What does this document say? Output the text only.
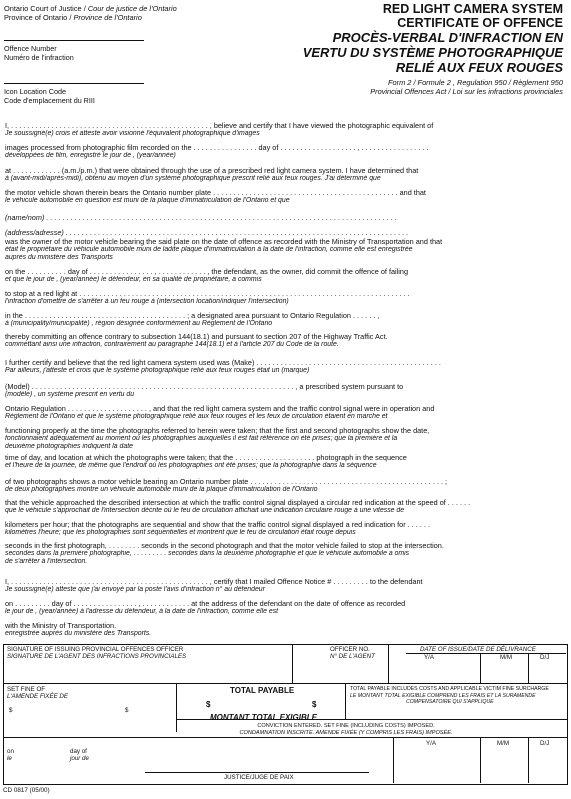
Ontario Court of Justice / Cour de justice de l'Ontario
Province of Ontario / Province de l'Ontario
Offence Number
Numéro de l'infraction
Icon Location Code
Code d'emplacement du RIII
RED LIGHT CAMERA SYSTEM
CERTIFICATE OF OFFENCE
PROCÈS-VERBAL D'INFRACTION EN
VERTU DU SYSTÈME PHOTOGRAPHIQUE
RELIÉ AUX FEUX ROUGES
Form 2 / Formule 2 , Regulation 950 / Règlement 950
Provincial Offences Act / Loi sur les infractions provinciales
I, . . . . . . . . . . . . . . . . . . . . . . . . . . . . . . . . . . . . . . . . . . . . . . . . . , believe and certify that I have viewed the photographic equivalent of
Je soussigné(e) crois et atteste avoir visionné l'équivalent photographique d'images
images processed from photographic film recorded on the . . . . . . . . . . . . . . . . day of . . . . . . . . . . . . . . . . . . . , . . . . . . . . . . . . . . . . .
développées de film, enregistré le jour de , (year/année)
at . . . . . . . . . . . . (a.m./p.m.) that were obtained through the use of a prescribed red light camera system. I have determined that
à (avant-midi/après-midi), obtenu au moyen d'un système photographique prescrit relié aux feux rouges. J'ai déterminé que
the motor vehicle shown therein bears the Ontario number plate . . . . . . . . . . . . . . . . . . . . . . . . . . . . . . . . . . . . . . . . . . . . . . and that
le véhicule automobile en question est muni de la plaque d'immatriculation de l'Ontario et que
(name/nom) . . . . . . . . . . . . . . . . . . . . . . . . . . . . . . . . . . . . . . . . . . . . . . . . . . . . . . . . . . . . . . . . . . . . . . . . . . . . . . . . . . . . . . .
(address/adresse) . . . . . . . . . . . . . . . . . . . . . . . . . . . . . . . . . . . . . . . . . . . . . . . . . . . . . . . . . . . . . . . . . . . . . . . . . . . . . . . . . . . . .
was the owner of the motor vehicle bearing the said plate on the date of offence as recorded with the Ministry of Transportation and that
était le propriétaire du véhicule automobile muni de ladite plaque d'immatriculation à la date de l'infraction, comme elle est enregistrée
auprès du ministère des Transports
on the . . . . . . . . . . day of . . . . . . . . . . . . . . . . , . . . . . . . . . . . . , the defendant, as the owner, did commit the offence of failing
et que le jour de , (year/année) le défendeur, en sa qualité de propriétaire, a commis
to stop at a red light at . . . . . . . . . . . . . . . . . . . . . . . . . . . . . . . . . . . . . . . . . . . . . . . . . . . . . . . . . . . . . . . . . . . . . . . . . . . . . . . . . .
l'infraction d'omettre de s'arrêter à un feu rouge à (intersection location/indiquer l'intersection)
in the . . . . . . . . . . . . . . . . . . . . . . . . . . . . . . . . . . . . . . . . ; a designated area pursuant to Ontario Regulation . . . . . . ,
à (municipality/municipalité) , région désignée conformément au Règlement de l'Ontario
thereby committing an offence contrary to subsection 144(18.1) and pursuant to section 207 of the Highway Traffic Act.
commettant ainsi une infraction, contrairement au paragraphe 144(18.1) et à l'article 207 du Code de la route.
I further certify and believe that the red light camera system used was (Make) . . . . . . . . . . . . . . . . . . . . . . . . . . . . . . . . . . . . . . . . . . . . . .
Par ailleurs, j'atteste et crois que le système photographique relié aux feux rouges était un (marque)
(Model) . . . . . . . . . . . . . . . . . . . . . . . . . . . . . . . . . . . . . . . . . . . . . . . . . . . . . . . . . . . . . . . . . , a prescribed system pursuant to
(modèle) , un système prescrit en vertu du
Ontario Regulation . . . . . . . . . . . . . . . . . . . . , and that the red light camera system and the traffic control signal were in operation and
Règlement de l'Ontario et que le système photographique relié aux feux rouges et les feux de circulation étaient en marche et
functioning properly at the time the photographs referred to herein were taken; that the first and second photographs show the date,
fonctionnaient adéquatement au moment où les photographies auxquelles il est fait référence on été prises; que la première et la
deuxième photographies indiquent la date
time of day, and location at which the photographs were taken; that the . . . . . . . . . . . . . . . . . . . . photograph in the sequence
et l'heure de la journée, de même que l'endroit où les photographies ont été prises; que la photographie dans la séquence
of two photographs shows a motor vehicle bearing an Ontario number plate . . . . . . . . . . . . . . . . . . . . . . . . . . . . . . . . . . . . . . . . . . . . . . . . ;
de deux photographies montre un véhicule automobile muni de la plaque d'immatriculation de l'Ontario
that the vehicle approached the described intersection at which the traffic control signal displayed a circular red indication at the speed of . . . . . .
que le véhicule s'approchait de l'intersection décrite où le feu de circulation affichait une indication circulaire rouge à une vitesse de
kilometers per hour; that the photographs are sequential and show that the traffic control signal displayed a red indication for . . . . . .
kilomètres l'heure; que les photographies sont séquentielles et montrent que le feu de circulation était rouge depuis
seconds in the first photograph, . . . . . . . . seconds in the second photograph and that the motor vehicle failed to stop at the intersection.
secondes dans la première photographie, . . . . . . . . . secondes dans la deuxième photographie et que le véhicule automobile a omis
de s'arrêter à l'intersection.
I, . . . . . . . . . . . . . . . . . . . . . . . . . . . . . . . . . . . . . . . . . . . . . . . . . , certify that I mailed Offence Notice # . . . . . . . . . to the defendant
Je soussigné(e) atteste que j'ai envoyé par la poste l'avis d'infraction n° au défendeur
on . . . . . . . . . day of . . . . . . . . . . . . . . . . , . . . . . . . . . . . . at the address of the defendant on the date of offence as recorded
le jour de , (year/année) à l'adresse du défendeur, à la date de l'infraction, comme elle est
with the Ministry of Transportation.
enregistrée auprès du ministère des Transports.
SIGNATURE OF ISSUING PROVINCIAL OFFENCES OFFICER
SIGNATURE DE L'AGENT DES INFRACTIONS PROVINCIALES
OFFICER NO.
N° DE L'AGENT
DATE OF ISSUE/DATE DE DÉLIVRANCE
Y/A	M/M	D/J
SET FINE OF
L'AMENDE FIXÉE DE
$	$
TOTAL PAYABLE
$	$
MONTANT TOTAL EXIGIBLE
TOTAL PAYABLE INCLUDES COSTS AND APPLICABLE VICTIM FINE SURCHARGE
LE MONTANT TOTAL EXIGIBLE COMPREND LES FRAIS ET LA SURAMENDE
COMPENSATOIRE QUI S'APPLIQUE
CONVICTION ENTERED. SET FINE (INCLUDING COSTS) IMPOSED.
CONDAMNATION INSCRITE. AMENDE FIXÉE (Y COMPRIS LES FRAIS) IMPOSÉE.
on
le
day of
jour de
Y/A	M/M	D/J
JUSTICE/JUGE DE PAIX
CD 0817 (05/00)
